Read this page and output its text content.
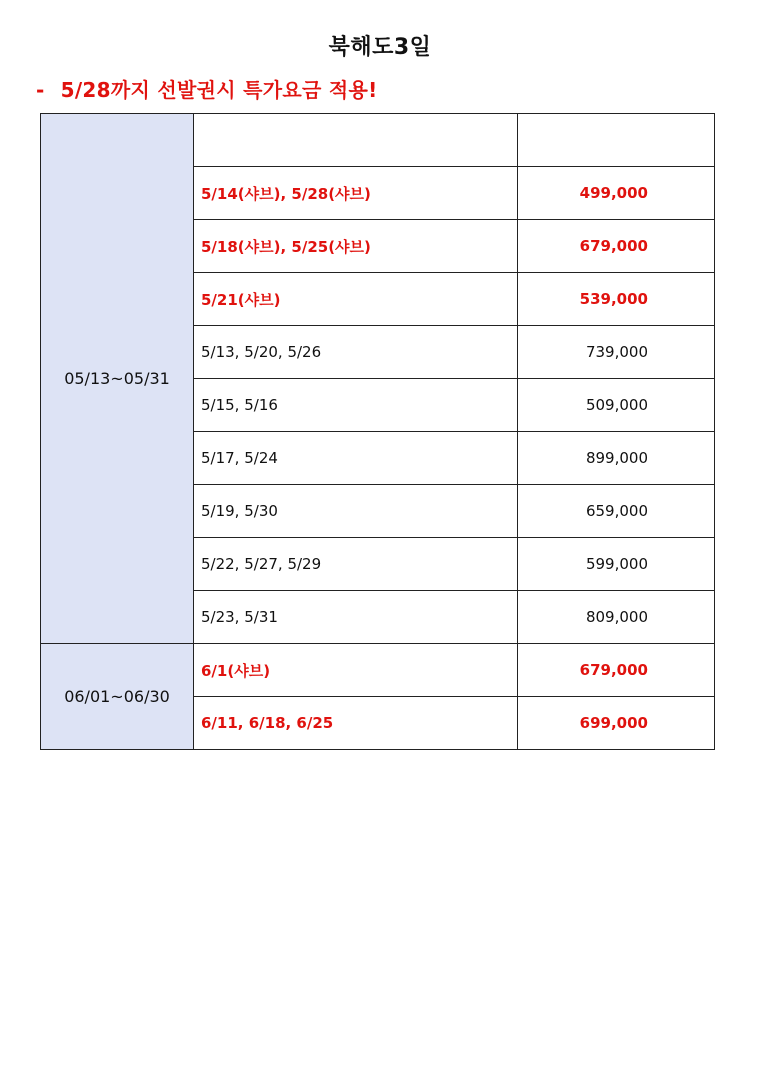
북해도3일
- 5/28까지 선발권시 특가요금 적용!
05/13~05/31		
	5/14(샤브), 5/28(샤브)	499,000
	5/18(샤브), 5/25(샤브)	679,000
	5/21(샤브)	539,000
	5/13, 5/20, 5/26	739,000
	5/15, 5/16	509,000
	5/17, 5/24	899,000
	5/19, 5/30	659,000
	5/22, 5/27, 5/29	599,000
	5/23, 5/31	809,000
06/01~06/30	6/1(샤브)	679,000
	6/11, 6/18, 6/25	699,000
